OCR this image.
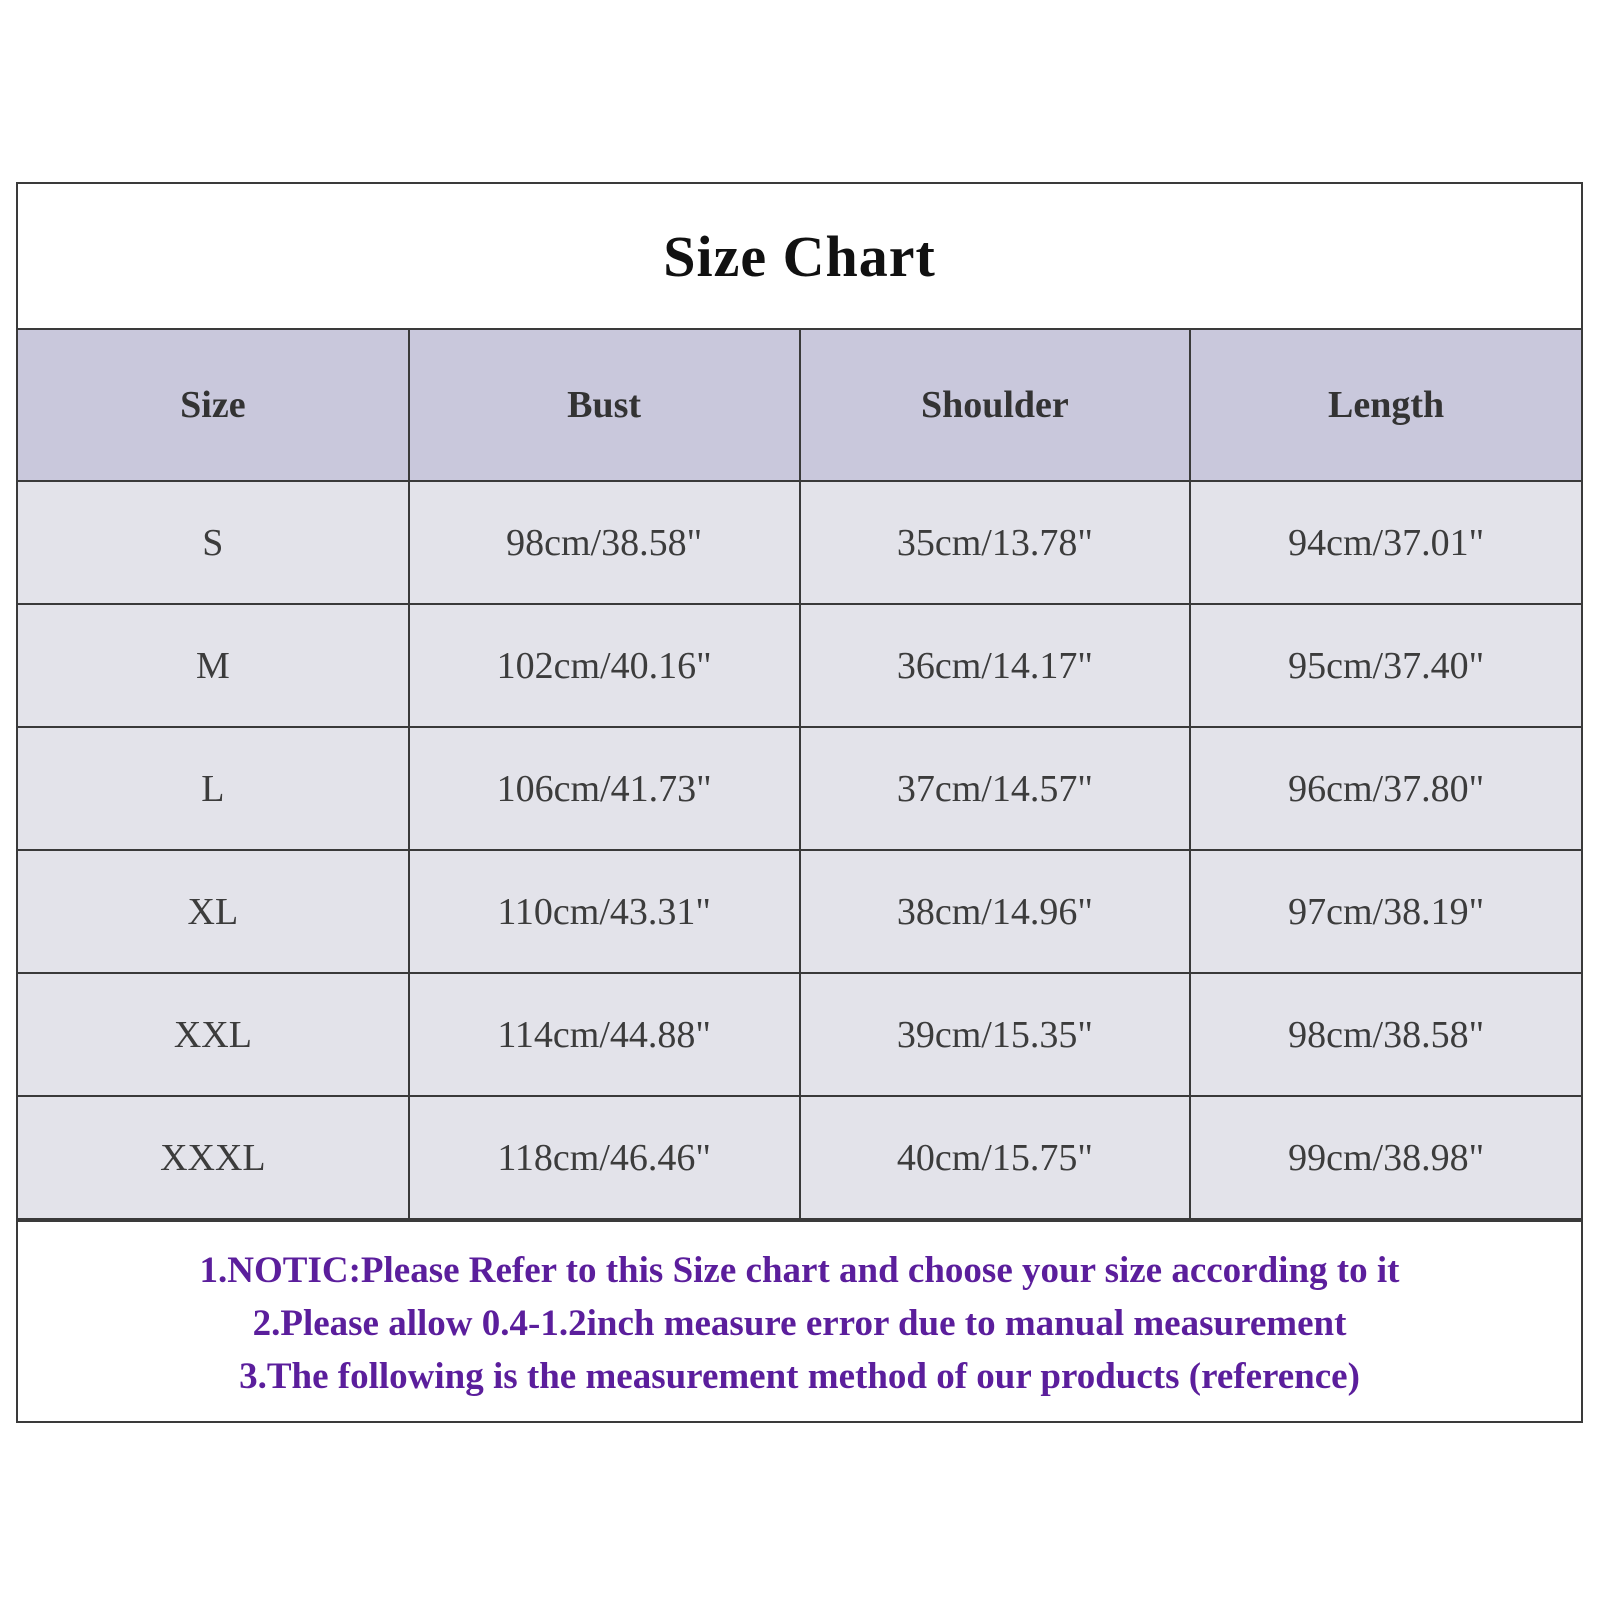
Size Chart
Size	Bust	Shoulder	Length
S	98cm/38.58"	35cm/13.78"	94cm/37.01"
M	102cm/40.16"	36cm/14.17"	95cm/37.40"
L	106cm/41.73"	37cm/14.57"	96cm/37.80"
XL	110cm/43.31"	38cm/14.96"	97cm/38.19"
XXL	114cm/44.88"	39cm/15.35"	98cm/38.58"
XXXL	118cm/46.46"	40cm/15.75"	99cm/38.98"
1.NOTIC:Please Refer to this Size chart and choose your size according to it
2.Please allow 0.4-1.2inch measure error due to manual measurement
3.The following is the measurement method of our products (reference)
